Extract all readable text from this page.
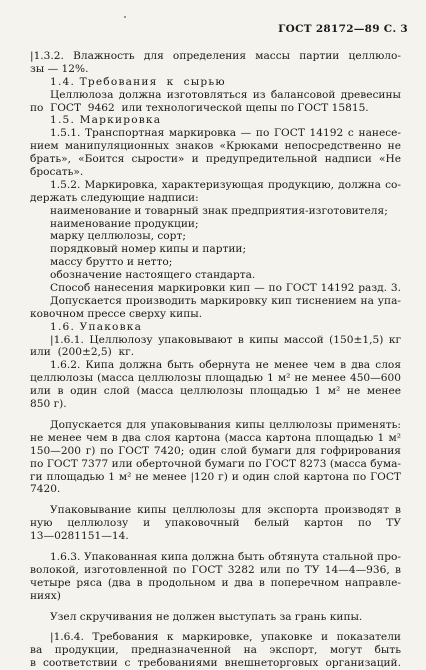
ГОСТ 28172—89 С. 3
|1.3.2. Влажность для определения массы партии целлюло-
зы — 12%.
1.4. Требования  к  сырью
Целлюлоза должна изготовляться из балансовой древесины
по  ГОСТ  9462  или технологической щепы по ГОСТ 15815.
1.5. Маркировка
1.5.1. Транспортная маркировка — по ГОСТ 14192 с нанесе-
нием манипуляционных знаков «Крюками непосредственно не
брать», «Боится сырости» и предупредительной надписи «Не
бросать».
1.5.2. Маркировка, характеризующая продукцию, должна со-
держать следующие надписи:
наименование и товарный знак предприятия-изготовителя;
наименование продукции;
марку целлюлозы, сорт;
порядковый номер кипы и партии;
массу брутто и нетто;
обозначение настоящего стандарта.
Способ нанесения маркировки кип — по ГОСТ 14192 разд. 3.
Допускается производить маркировку кип тиснением на упа-
ковочном прессе сверху кипы.
1.6. Упаковка
|1.6.1. Целлюлозу упаковывают в кипы массой (150±1,5) кг
или  (200±2,5)  кг.
1.6.2. Кипа должна быть обернута не менее чем в два слоя
целлюлозы (масса целлюлозы площадью 1 м² не менее 450—600
или в один слой (масса целлюлозы площадью 1 м² не менее
850 г).
Допускается для упаковывания кипы целлюлозы применять:
не менее чем в два слоя картона (масса картона площадью 1 м²
150—200 г) по ГОСТ 7420; один слой бумаги для гофрирования
по ГОСТ 7377 или оберточной бумаги по ГОСТ 8273 (масса бума-
ги площадью 1 м² не менее |120 г) и один слой картона по ГОСТ
7420.
Упаковывание кипы целлюлозы для экспорта производят в
ную целлюлозу и упаковочный белый картон по ТУ
13—0281151—14.
1.6.3. Упакованная кипа должна быть обтянута стальной про-
волокой, изготовленной по ГОСТ 3282 или по ТУ 14—4—936, в
четыре ряса (два в продольном и два в поперечном направле-
ниях)
Узел скручивания не должен выступать за грань кипы.
|1.6.4. Требования к маркировке, упаковке и показатели
ва продукции, предназначенной на экспорт, могут быть
в соответствии с требованиями внешнеторговых организаций.
